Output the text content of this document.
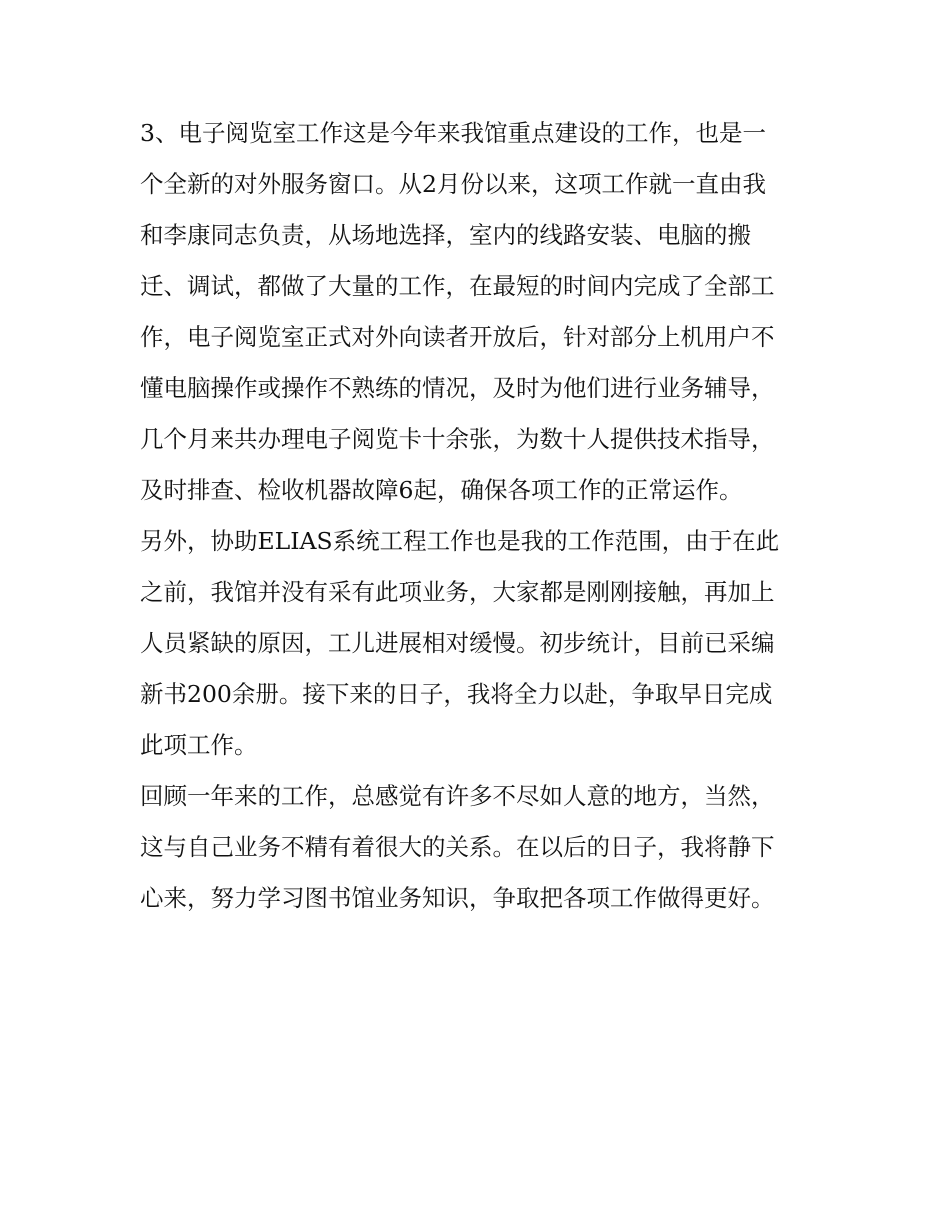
3、电子阅览室工作这是今年来我馆重点建设的工作，也是一
个全新的对外服务窗口。从2月份以来，这项工作就一直由我
和李康同志负责，从场地选择，室内的线路安装、电脑的搬
迁、调试，都做了大量的工作，在最短的时间内完成了全部工
作，电子阅览室正式对外向读者开放后，针对部分上机用户不
懂电脑操作或操作不熟练的情况，及时为他们进行业务辅导，
几个月来共办理电子阅览卡十余张，为数十人提供技术指导，
及时排查、检收机器故障6起，确保各项工作的正常运作。
另外，协助ELIAS系统工程工作也是我的工作范围，由于在此
之前，我馆并没有采有此项业务，大家都是刚刚接触，再加上
人员紧缺的原因，工儿进展相对缓慢。初步统计，目前已采编
新书200余册。接下来的日子，我将全力以赴，争取早日完成
此项工作。
回顾一年来的工作，总感觉有许多不尽如人意的地方，当然，
这与自己业务不精有着很大的关系。在以后的日子，我将静下
心来，努力学习图书馆业务知识，争取把各项工作做得更好。
